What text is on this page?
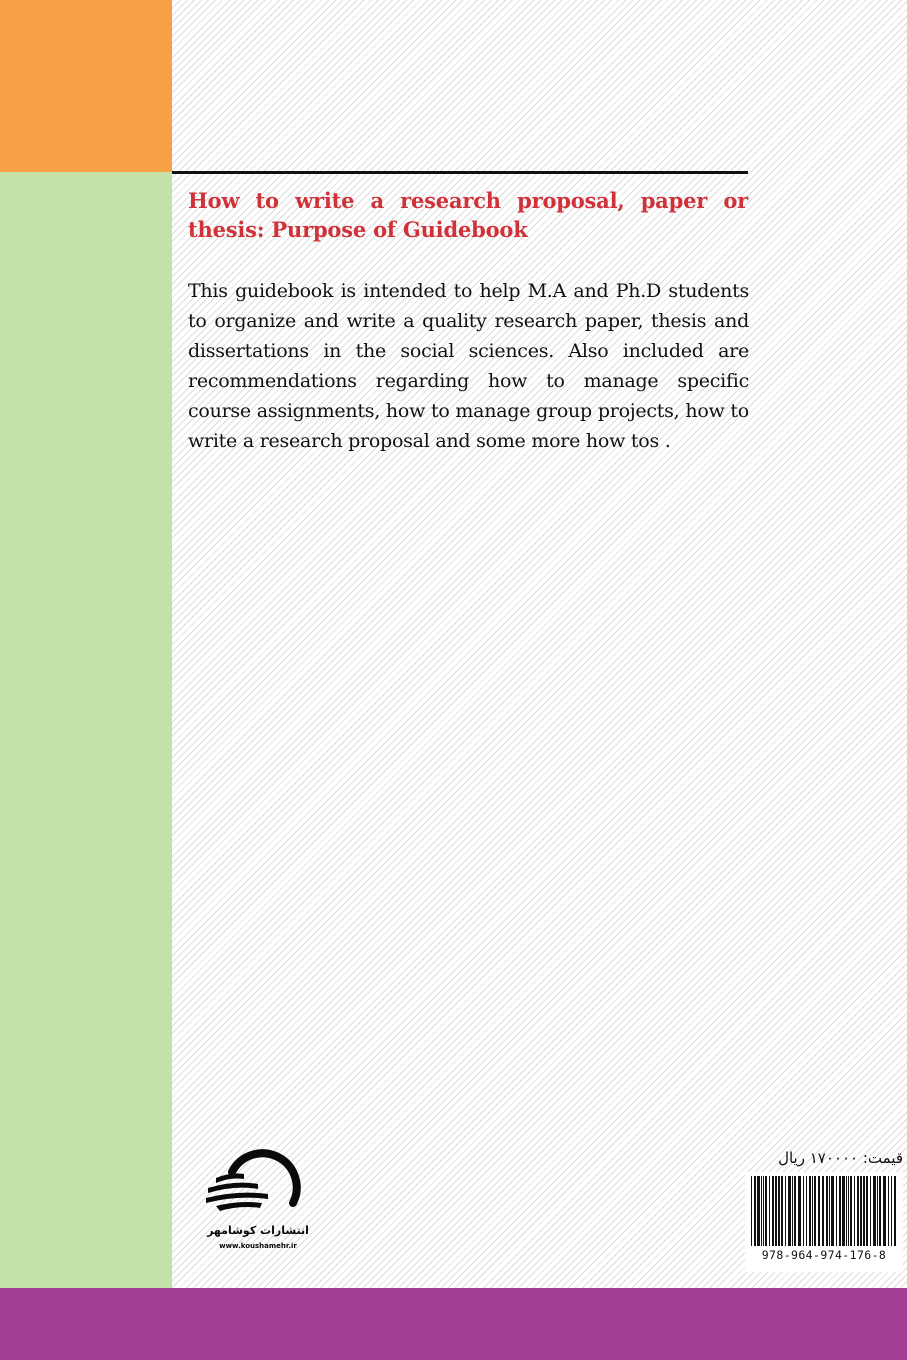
How to write a research proposal, paper or thesis: Purpose of Guidebook

This guidebook is intended to help M.A and Ph.D students to organize and write a quality research paper, thesis and dissertations in the social sciences. Also included are recommendations regarding how to manage specific course assignments, how to manage group projects, how to write a research proposal and some more how tos .

انتشارات کوشامهر
www.koushamehr.ir
قیمت: ۱۷۰۰۰۰ ریال
978-964-974-176-8
